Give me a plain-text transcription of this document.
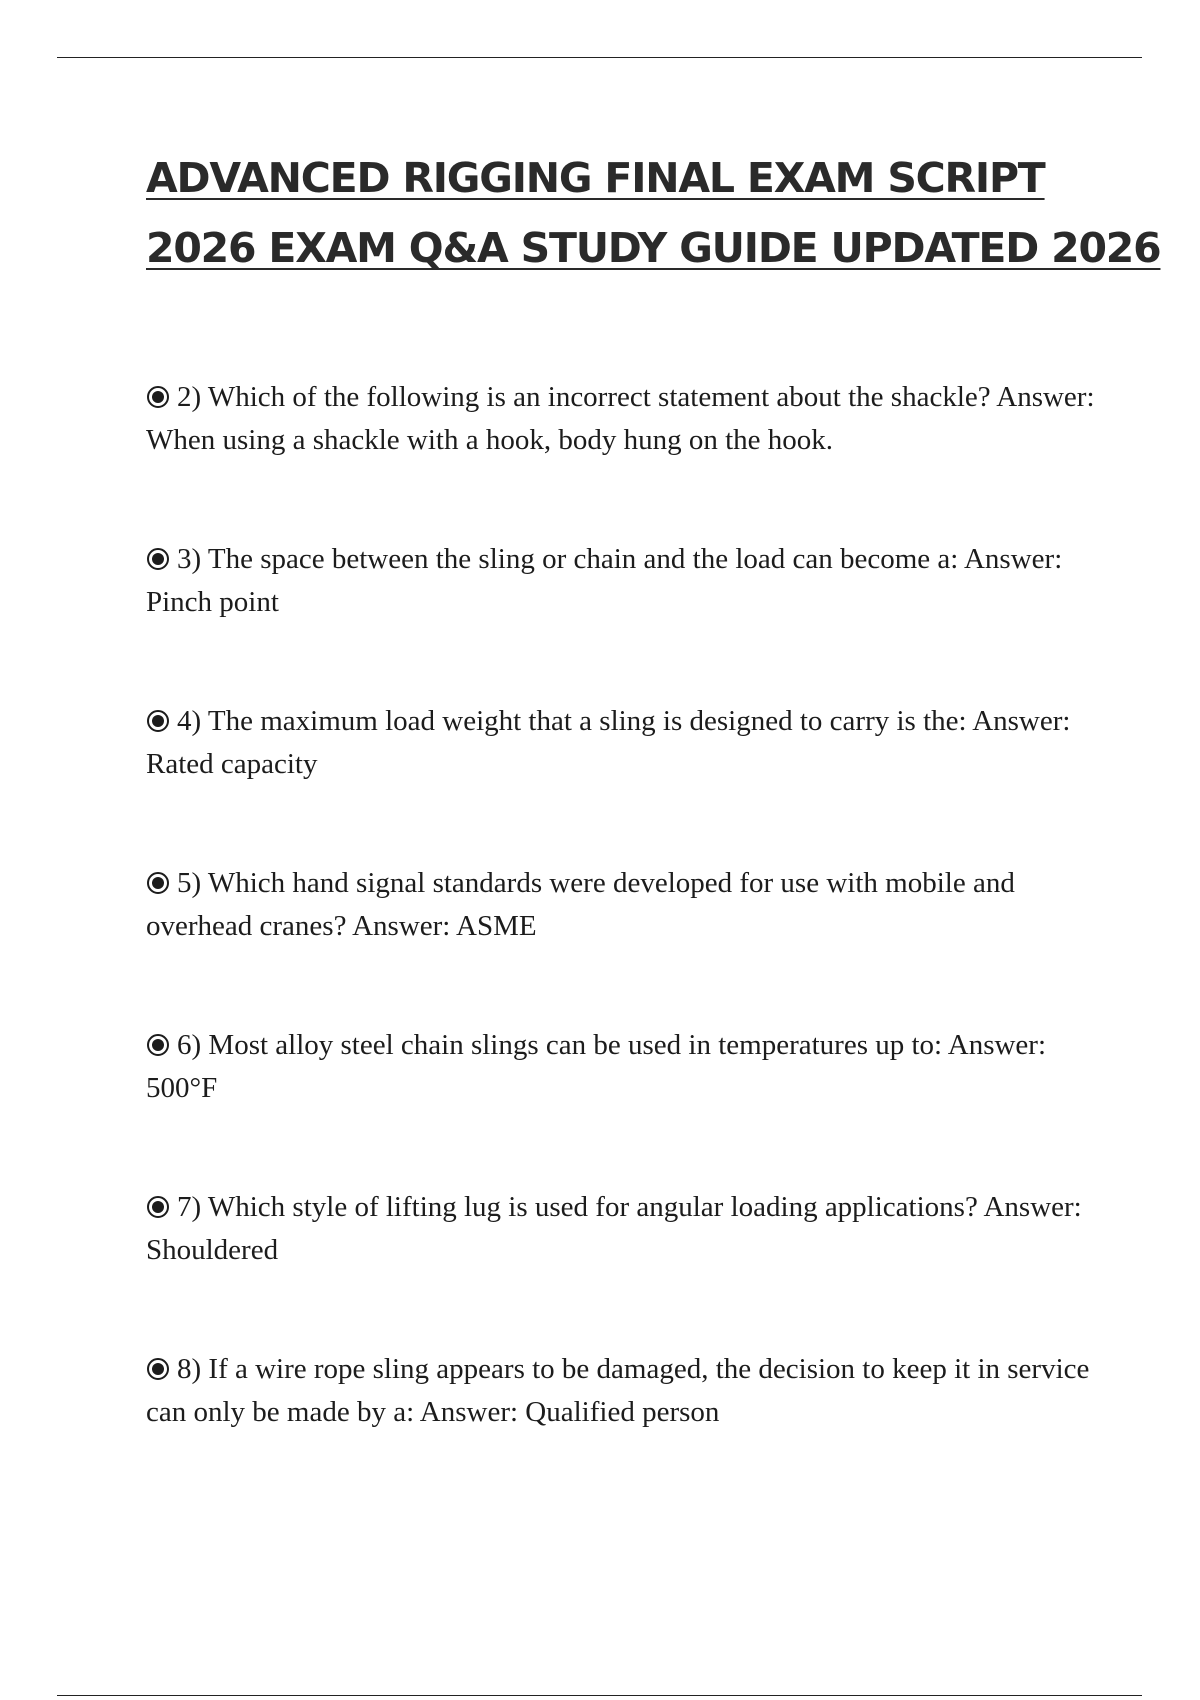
ADVANCED RIGGING FINAL EXAM SCRIPT
2026 EXAM Q&A STUDY GUIDE UPDATED 2026
2) Which of the following is an incorrect statement about the shackle? Answer: When using a shackle with a hook, body hung on the hook.
3) The space between the sling or chain and the load can become a: Answer: Pinch point
4) The maximum load weight that a sling is designed to carry is the: Answer: Rated capacity
5) Which hand signal standards were developed for use with mobile and overhead cranes? Answer: ASME
6) Most alloy steel chain slings can be used in temperatures up to: Answer: 500°F
7) Which style of lifting lug is used for angular loading applications? Answer: Shouldered
8) If a wire rope sling appears to be damaged, the decision to keep it in service can only be made by a: Answer: Qualified person
